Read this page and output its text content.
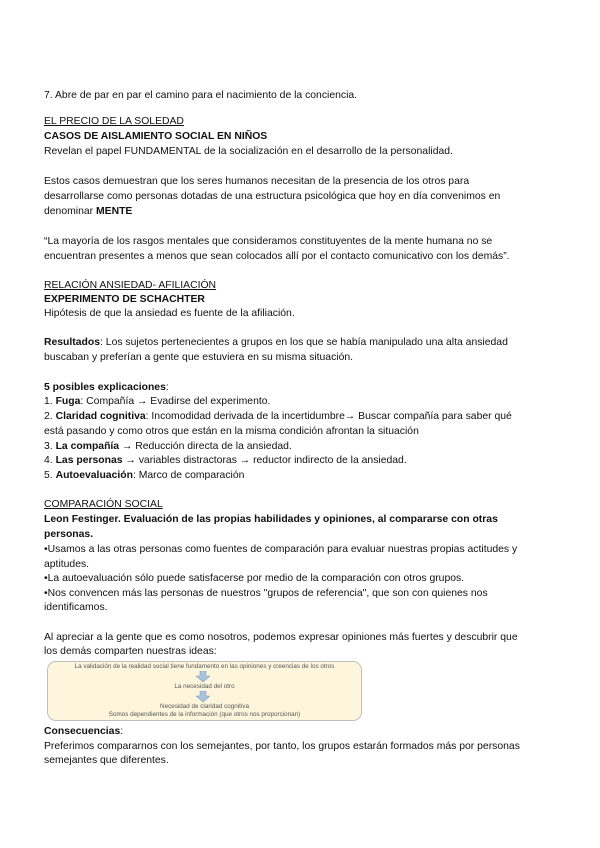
7. Abre de par en par el camino para el nacimiento de la conciencia.

EL PRECIO DE LA SOLEDAD

CASOS DE AISLAMIENTO SOCIAL EN NIÑOS

Revelan el papel FUNDAMENTAL de la socialización en el desarrollo de la personalidad.

Estos casos demuestran que los seres humanos necesitan de la presencia de los otros para

desarrollarse como personas dotadas de una estructura psicológica que hoy en día convenimos en

denominar MENTE

“La mayoría de los rasgos mentales que consideramos constituyentes de la mente humana no se

encuentran presentes a menos que sean colocados allí por el contacto comunicativo con los demás”.

RELACIÓN ANSIEDAD- AFILIACIÓN

EXPERIMENTO DE SCHACHTER

Hipótesis de que la ansiedad es fuente de la afiliación.

Resultados: Los sujetos pertenecientes a grupos en los que se había manipulado una alta ansiedad

buscaban y preferían a gente que estuviera en su misma situación.

5 posibles explicaciones:

1. Fuga: Compañía → Evadirse del experimento.

2. Claridad cognitiva: Incomodidad derivada de la incertidumbre→ Buscar compañía para saber qué

está pasando y como otros que están en la misma condición afrontan la situación

3. La compañía → Reducción directa de la ansiedad.

4. Las personas → variables distractoras → reductor indirecto de la ansiedad.

5. Autoevaluación: Marco de comparación

COMPARACIÓN SOCIAL

Leon Festinger. Evaluación de las propias habilidades y opiniones, al compararse con otras

personas.

•Usamos a las otras personas como fuentes de comparación para evaluar nuestras propias actitudes y

aptitudes.

•La autoevaluación sólo puede satisfacerse por medio de la comparación con otros grupos.

•Nos convencen más las personas de nuestros "grupos de referencia", que son con quienes nos

identificamos.

Al apreciar a la gente que es como nosotros, podemos expresar opiniones más fuertes y descubrir que

los demás comparten nuestras ideas:

La validación de la realidad social tiene fundamento en las opiniones y creencias de los otros
La necesidad del otro
Necesidad de claridad cognitiva
Somos dependientes de la información (que otros nos proporcionan)

Consecuencias:

Preferimos compararnos con los semejantes, por tanto, los grupos estarán formados más por personas

semejantes que diferentes.
